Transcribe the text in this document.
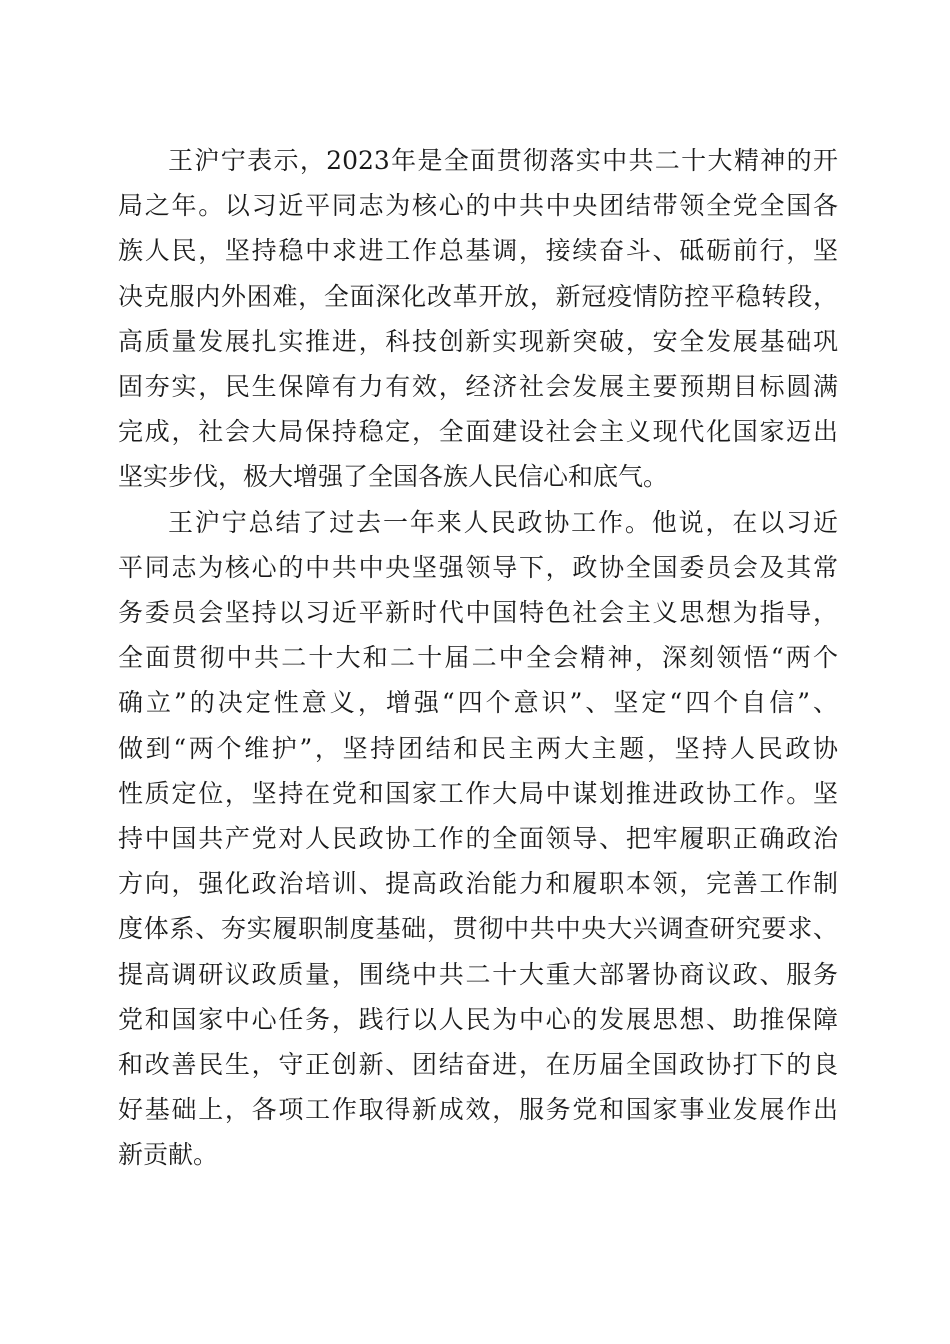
王沪宁表示，2023年是全面贯彻落实中共二十大精神的开
局之年。以习近平同志为核心的中共中央团结带领全党全国各
族人民，坚持稳中求进工作总基调，接续奋斗、砥砺前行，坚
决克服内外困难，全面深化改革开放，新冠疫情防控平稳转段，
高质量发展扎实推进，科技创新实现新突破，安全发展基础巩
固夯实，民生保障有力有效，经济社会发展主要预期目标圆满
完成，社会大局保持稳定，全面建设社会主义现代化国家迈出
坚实步伐，极大增强了全国各族人民信心和底气。

王沪宁总结了过去一年来人民政协工作。他说，在以习近
平同志为核心的中共中央坚强领导下，政协全国委员会及其常
务委员会坚持以习近平新时代中国特色社会主义思想为指导，
全面贯彻中共二十大和二十届二中全会精神，深刻领悟“两个
确立”的决定性意义，增强“四个意识”、坚定“四个自信”、
做到“两个维护”，坚持团结和民主两大主题，坚持人民政协
性质定位，坚持在党和国家工作大局中谋划推进政协工作。坚
持中国共产党对人民政协工作的全面领导、把牢履职正确政治
方向，强化政治培训、提高政治能力和履职本领，完善工作制
度体系、夯实履职制度基础，贯彻中共中央大兴调查研究要求、
提高调研议政质量，围绕中共二十大重大部署协商议政、服务
党和国家中心任务，践行以人民为中心的发展思想、助推保障
和改善民生，守正创新、团结奋进，在历届全国政协打下的良
好基础上，各项工作取得新成效，服务党和国家事业发展作出
新贡献。
